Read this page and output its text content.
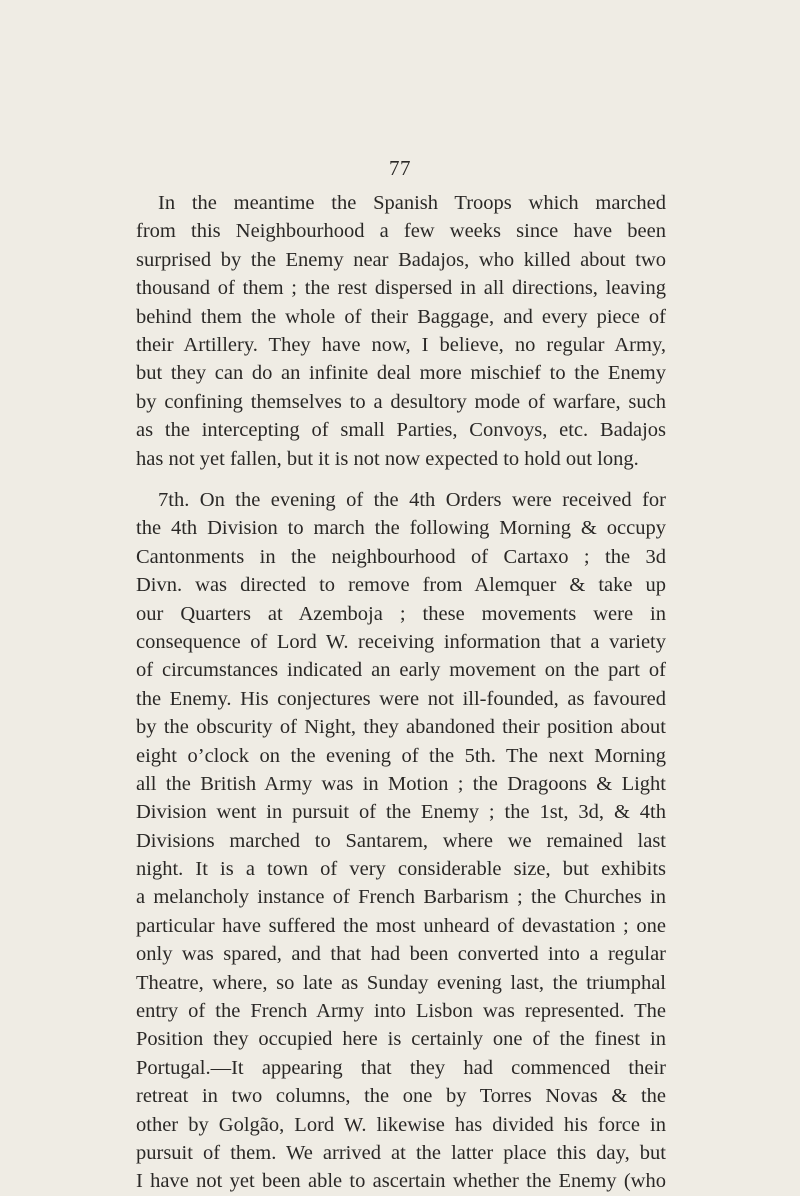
77
In the meantime the Spanish Troops which marched
from this Neighbourhood a few weeks since have been
surprised by the Enemy near Badajos, who killed about two
thousand of them ; the rest dispersed in all directions, leaving
behind them the whole of their Baggage, and every piece of
their Artillery. They have now, I believe, no regular Army,
but they can do an infinite deal more mischief to the Enemy
by confining themselves to a desultory mode of warfare, such
as the intercepting of small Parties, Convoys, etc. Badajos
has not yet fallen, but it is not now expected to hold out long.
7th. On the evening of the 4th Orders were received for
the 4th Division to march the following Morning & occupy
Cantonments in the neighbourhood of Cartaxo ; the 3d
Divn. was directed to remove from Alemquer & take up
our Quarters at Azemboja ; these movements were in
consequence of Lord W. receiving information that a variety
of circumstances indicated an early movement on the part of
the Enemy. His conjectures were not ill-founded, as favoured
by the obscurity of Night, they abandoned their position about
eight o’clock on the evening of the 5th. The next Morning
all the British Army was in Motion ; the Dragoons & Light
Division went in pursuit of the Enemy ; the 1st, 3d, & 4th
Divisions marched to Santarem, where we remained last
night. It is a town of very considerable size, but exhibits
a melancholy instance of French Barbarism ; the Churches in
particular have suffered the most unheard of devastation ; one
only was spared, and that had been converted into a regular
Theatre, where, so late as Sunday evening last, the triumphal
entry of the French Army into Lisbon was represented. The
Position they occupied here is certainly one of the finest in
Portugal.—It appearing that they had commenced their
retreat in two columns, the one by Torres Novas & the
other by Golgão, Lord W. likewise has divided his force in
pursuit of them. We arrived at the latter place this day, but
I have not yet been able to ascertain whether the Enemy (who
